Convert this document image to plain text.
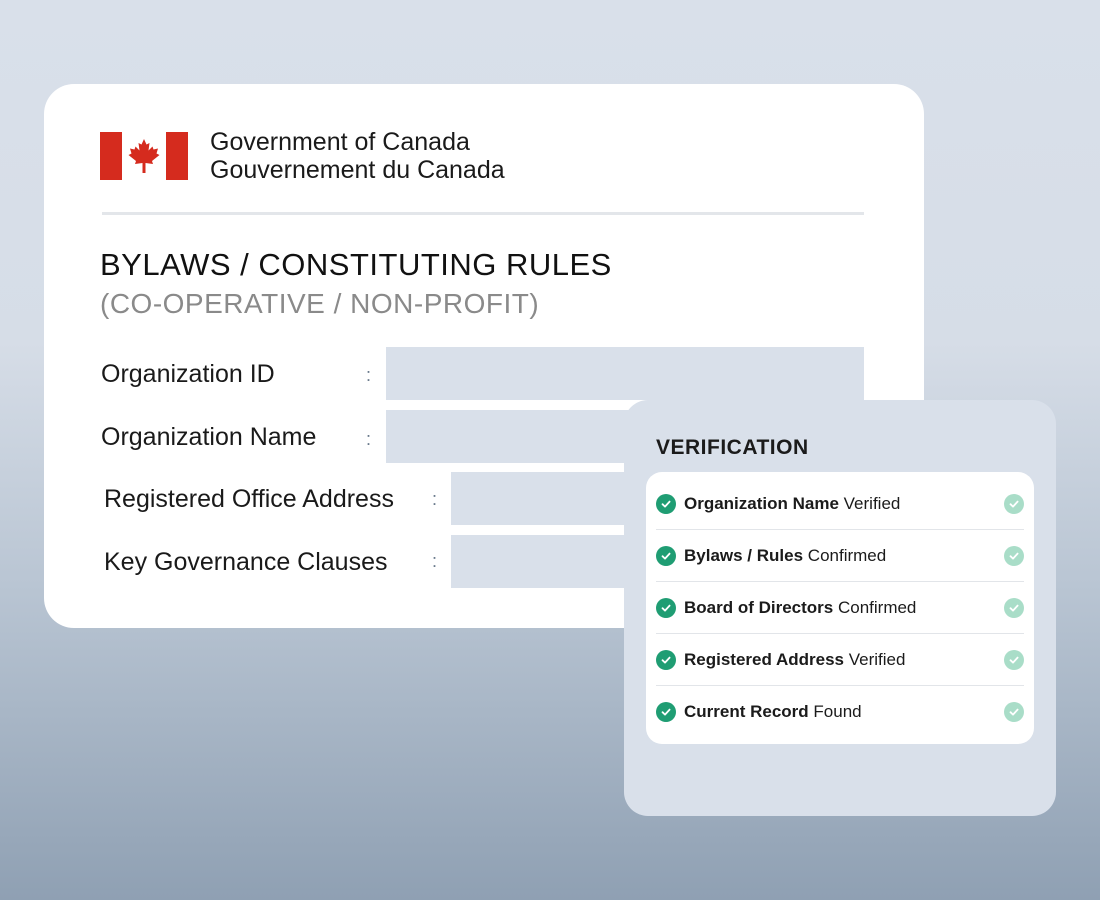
Government of Canada
Gouvernement du Canada
BYLAWS / CONSTITUTING RULES
(CO-OPERATIVE / NON-PROFIT)
Organization ID	:
Organization Name	:
Registered Office Address :
Key Governance Clauses :
VERIFICATION
Organization Name Verified
Bylaws / Rules Confirmed
Board of Directors Confirmed
Registered Address Verified
Current Record Found
